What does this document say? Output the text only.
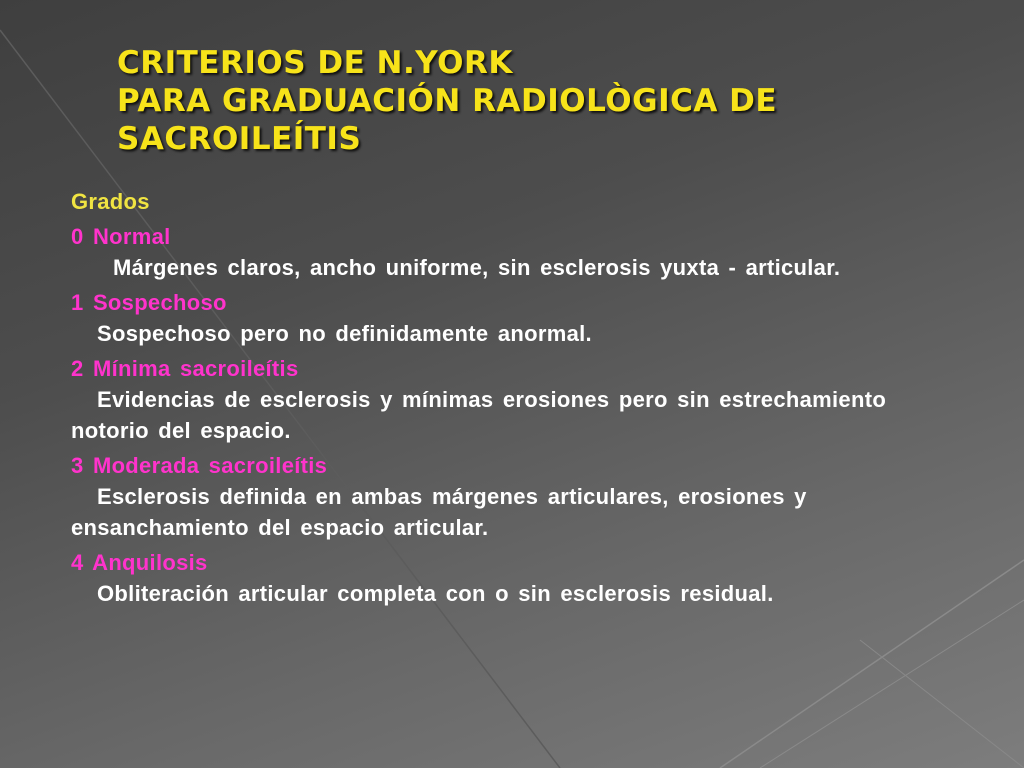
CRITERIOS DE N.YORK
PARA GRADUACIÓN RADIOLÒGICA DE
SACROILEÍTIS
Grados
0 Normal
Márgenes claros, ancho uniforme, sin esclerosis yuxta - articular.
1 Sospechoso
Sospechoso pero no definidamente anormal.
2 Mínima sacroileítis
Evidencias de esclerosis y mínimas erosiones pero sin estrechamiento notorio del espacio.
3 Moderada sacroileítis
Esclerosis definida en ambas márgenes articulares, erosiones y ensanchamiento del espacio articular.
4 Anquilosis
Obliteración articular completa con o sin esclerosis residual.
